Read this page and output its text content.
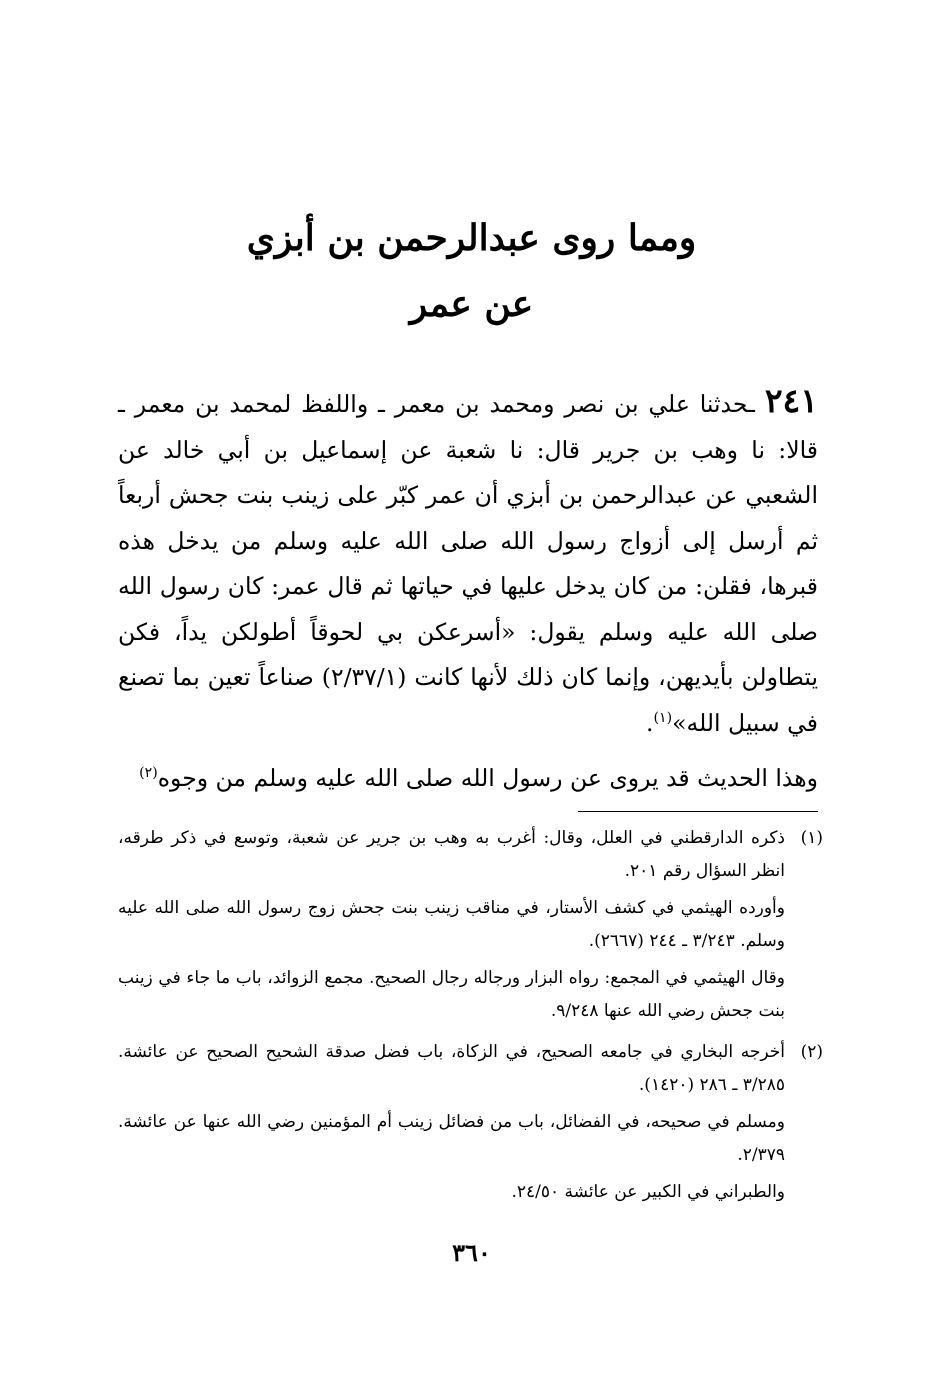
ومما روى عبدالرحمن بن أبزي
عن عمر

٢٤١ ـحدثنا علي بن نصر ومحمد بن معمر ـ واللفظ لمحمد بن معمر ـ قالا: نا وهب بن جرير قال: نا شعبة عن إسماعيل بن أبي خالد عن الشعبي عن عبدالرحمن بن أبزي أن عمر كبّر على زينب بنت جحش أربعاً ثم أرسل إلى أزواج رسول الله صلى الله عليه وسلم من يدخل هذه قبرها، فقلن: من كان يدخل عليها في حياتها ثم قال عمر: كان رسول الله صلى الله عليه وسلم يقول: «أسرعكن بي لحوقاً أطولكن يداً، فكن يتطاولن بأيديهن، وإنما كان ذلك لأنها كانت (٢/٣٧/١) صناعاً تعين بما تصنع في سبيل الله»$^{(١)}$.

وهذا الحديث قد يروى عن رسول الله صلى الله عليه وسلم من وجوه$^{(٢)}$

(١)

ذكره الدارقطني في العلل، وقال: أغرب به وهب بن جرير عن شعبة، وتوسع في ذكر طرقه، انظر السؤال رقم ٢٠١.

وأورده الهيثمي في كشف الأستار، في مناقب زينب بنت جحش زوج رسول الله صلى الله عليه وسلم. ٣/٢٤٣ ـ ٢٤٤ (٢٦٦٧).

وقال الهيثمي في المجمع: رواه البزار ورجاله رجال الصحيح. مجمع الزوائد، باب ما جاء في زينب بنت جحش رضي الله عنها ٩/٢٤٨.

(٢)

أخرجه البخاري في جامعه الصحيح، في الزكاة، باب فضل صدقة الشحيح الصحيح عن عائشة. ٣/٢٨٥ ـ ٢٨٦ (١٤٢٠).

ومسلم في صحيحه، في الفضائل، باب من فضائل زينب أم المؤمنين رضي الله عنها عن عائشة. ٢/٣٧٩.

والطبراني في الكبير عن عائشة ٢٤/٥٠.

٣٦٠
